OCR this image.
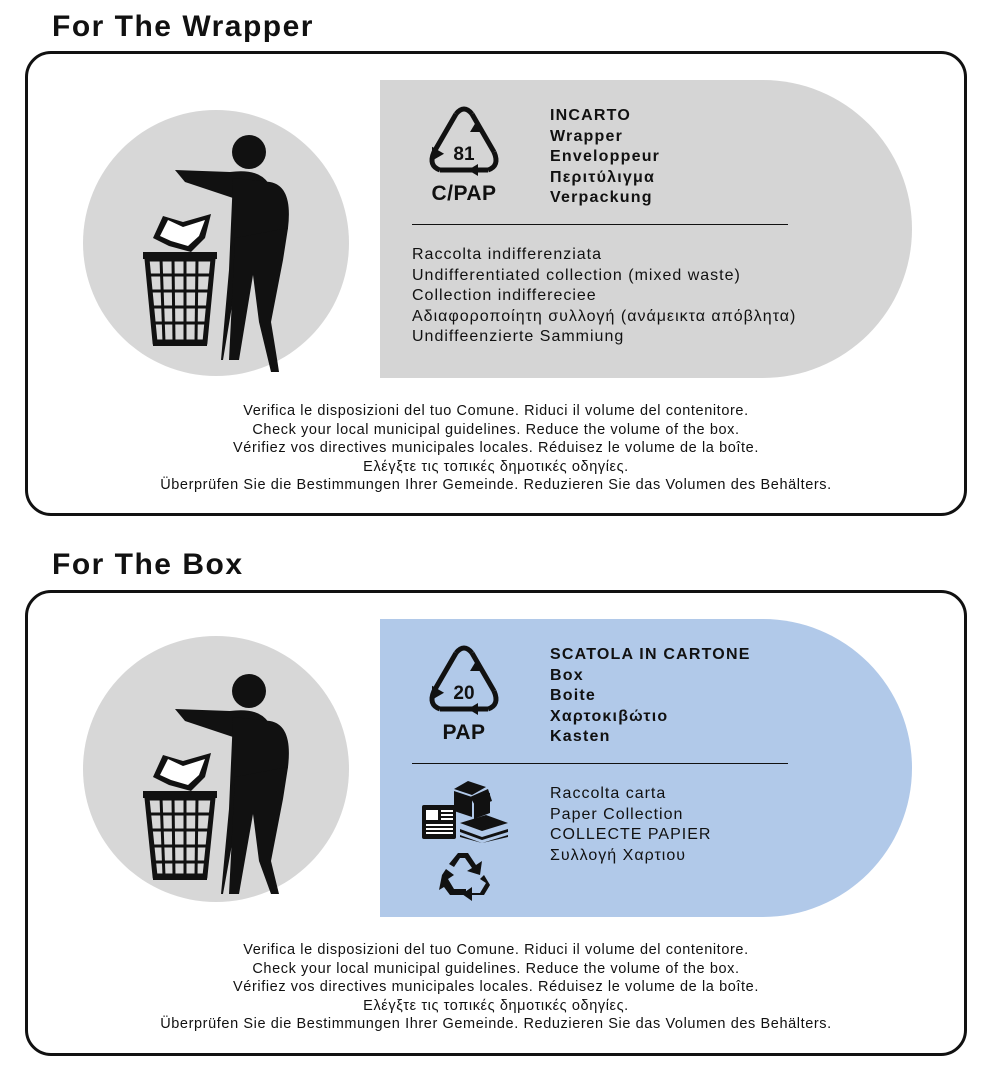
For The Wrapper
81
C/PAP
INCARTO
Wrapper
Enveloppeur
Περιτύλιγμα
Verpackung
Raccolta indifferenziata
Undifferentiated collection (mixed waste)
Collection indiffereciee
Αδιαφοροποίητη συλλογή (ανάμεικτα απόβλητα)
Undiffeenzierte Sammiung
Verifica le disposizioni del tuo Comune. Riduci il volume del contenitore.
Check your local municipal guidelines. Reduce the volume of the box.
Vérifiez vos directives municipales locales. Réduisez le volume de la boîte.
Ελέγξτε τις τοπικές δημοτικές οδηγίες.
Überprüfen Sie die Bestimmungen Ihrer Gemeinde. Reduzieren Sie das Volumen des Behälters.
For The Box
20
PAP
SCATOLA IN CARTONE
Box
Boite
Χαρτοκιβώτιο
Kasten
Raccolta carta
Paper Collection
COLLECTE PAPIER
Συλλογή Χαρτιου
Verifica le disposizioni del tuo Comune. Riduci il volume del contenitore.
Check your local municipal guidelines. Reduce the volume of the box.
Vérifiez vos directives municipales locales. Réduisez le volume de la boîte.
Ελέγξτε τις τοπικές δημοτικές οδηγίες.
Überprüfen Sie die Bestimmungen Ihrer Gemeinde. Reduzieren Sie das Volumen des Behälters.
